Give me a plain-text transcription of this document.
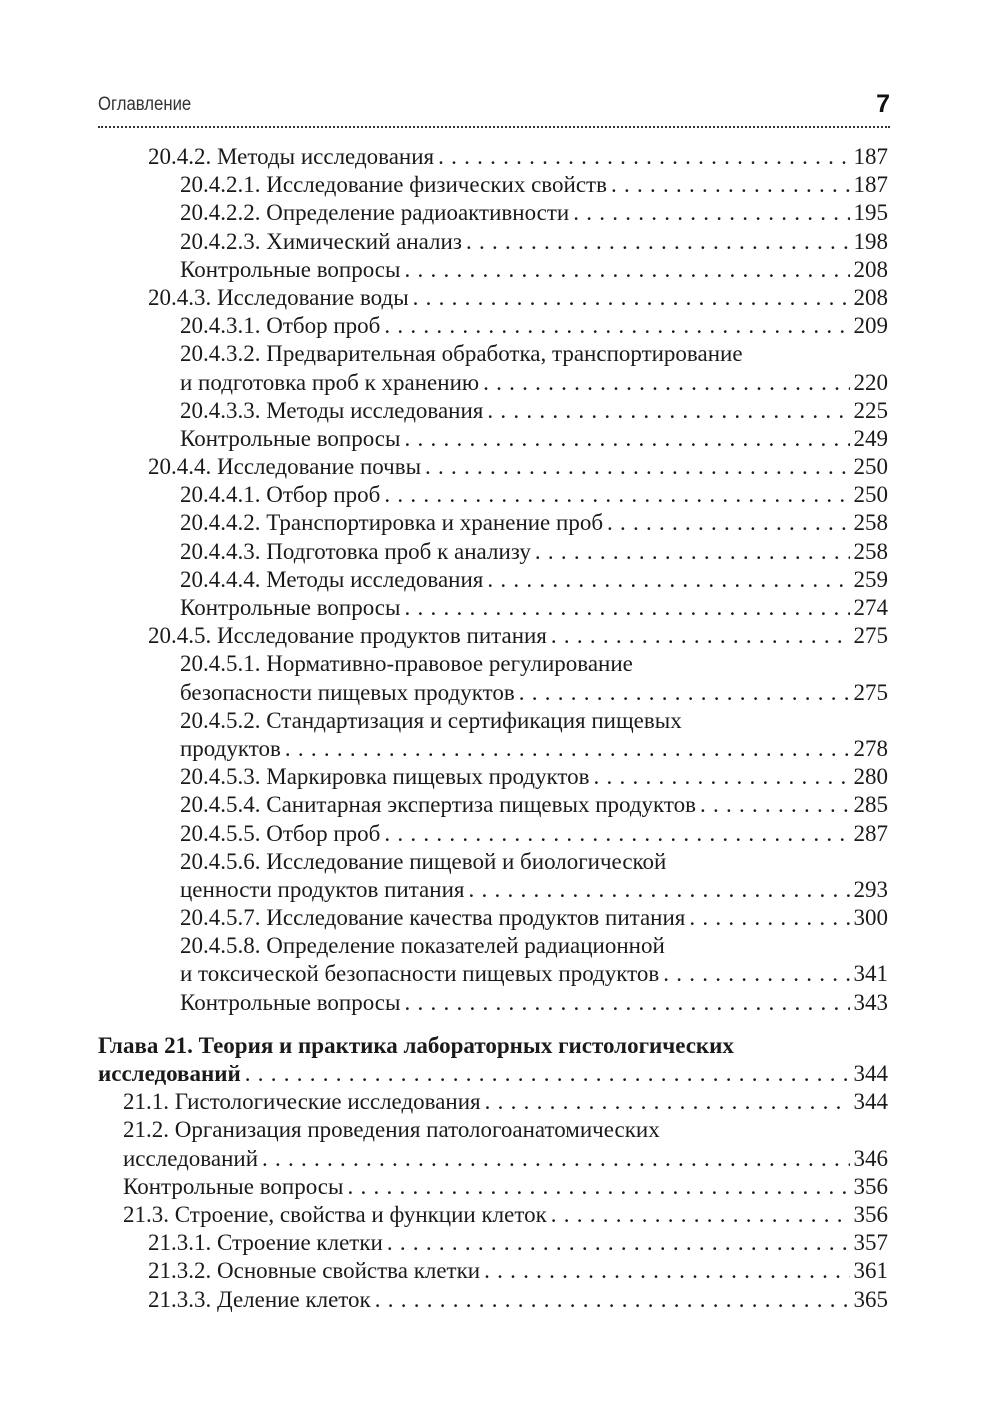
Оглавление	7
20.4.2. Методы исследования . . .	187
20.4.2.1. Исследование физических свойств . . .	187
20.4.2.2. Определение радиоактивности . . .	195
20.4.2.3. Химический анализ . . .	198
Контрольные вопросы . . .	208
20.4.3. Исследование воды . . .	208
20.4.3.1. Отбор проб . . .	209
20.4.3.2. Предварительная обработка, транспортирование
и подготовка проб к хранению . . .	220
20.4.3.3. Методы исследования . . .	225
Контрольные вопросы . . .	249
20.4.4. Исследование почвы . . .	250
20.4.4.1. Отбор проб . . .	250
20.4.4.2. Транспортировка и хранение проб . . .	258
20.4.4.3. Подготовка проб к анализу . . .	258
20.4.4.4. Методы исследования . . .	259
Контрольные вопросы . . .	274
20.4.5. Исследование продуктов питания . . .	275
20.4.5.1. Нормативно-правовое регулирование
безопасности пищевых продуктов . . .	275
20.4.5.2. Стандартизация и сертификация пищевых
продуктов . . .	278
20.4.5.3. Маркировка пищевых продуктов . . .	280
20.4.5.4. Санитарная экспертиза пищевых продуктов . . .	285
20.4.5.5. Отбор проб . . .	287
20.4.5.6. Исследование пищевой и биологической
ценности продуктов питания . . .	293
20.4.5.7. Исследование качества продуктов питания . . .	300
20.4.5.8. Определение показателей радиационной
и токсической безопасности пищевых продуктов . . .	341
Контрольные вопросы . . .	343
Глава 21. Теория и практика лабораторных гистологических
исследований . . .	344
21.1. Гистологические исследования . . .	344
21.2. Организация проведения патологоанатомических
исследований . . .	346
Контрольные вопросы . . .	356
21.3. Строение, свойства и функции клеток . . .	356
21.3.1. Строение клетки . . .	357
21.3.2. Основные свойства клетки . . .	361
21.3.3. Деление клеток . . .	365
